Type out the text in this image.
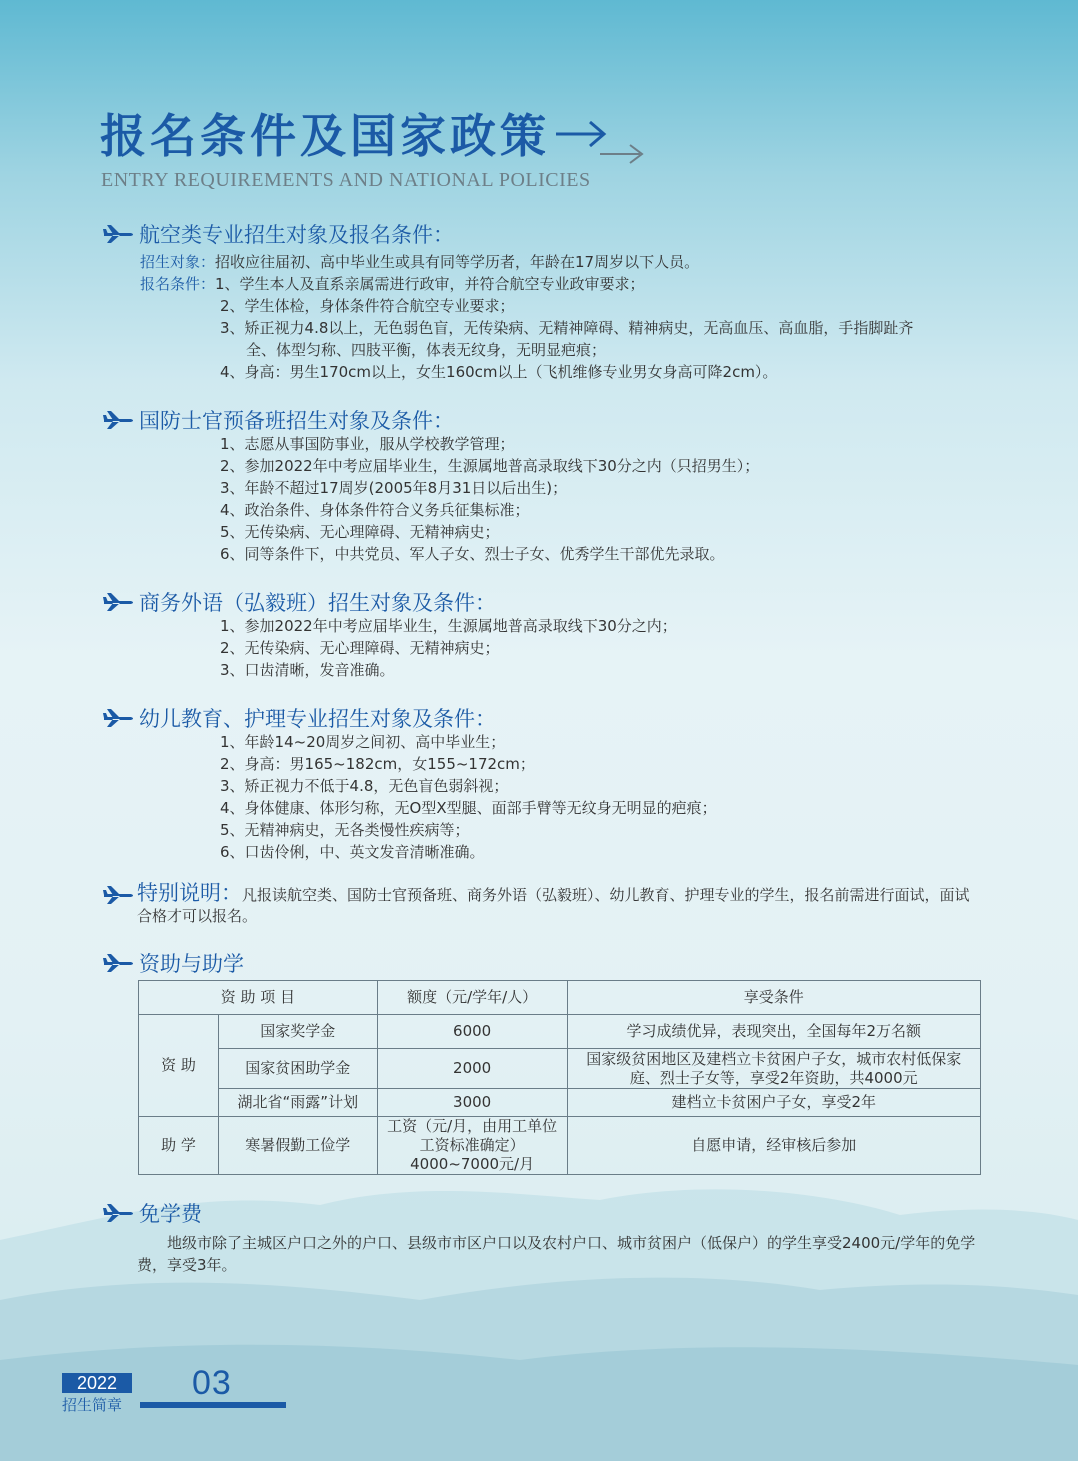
报名条件及国家政策
ENTRY REQUIREMENTS AND NATIONAL POLICIES
航空类专业招生对象及报名条件：
招生对象：招收应往届初、高中毕业生或具有同等学历者，年龄在17周岁以下人员。
报名条件：1、学生本人及直系亲属需进行政审，并符合航空专业政审要求；
2、学生体检，身体条件符合航空专业要求；
3、矫正视力4.8以上，无色弱色盲，无传染病、无精神障碍、精神病史，无高血压、高血脂，手指脚趾齐
全、体型匀称、四肢平衡，体表无纹身，无明显疤痕；
4、身高：男生170cm以上，女生160cm以上（飞机维修专业男女身高可降2cm）。
国防士官预备班招生对象及条件：
1、志愿从事国防事业，服从学校教学管理；
2、参加2022年中考应届毕业生，生源属地普高录取线下30分之内（只招男生）；
3、年龄不超过17周岁(2005年8月31日以后出生)；
4、政治条件、身体条件符合义务兵征集标准；
5、无传染病、无心理障碍、无精神病史；
6、同等条件下，中共党员、军人子女、烈士子女、优秀学生干部优先录取。
商务外语（弘毅班）招生对象及条件：
1、参加2022年中考应届毕业生，生源属地普高录取线下30分之内；
2、无传染病、无心理障碍、无精神病史；
3、口齿清晰，发音准确。
幼儿教育、护理专业招生对象及条件：
1、年龄14~20周岁之间初、高中毕业生；
2、身高：男165~182cm，女155~172cm；
3、矫正视力不低于4.8，无色盲色弱斜视；
4、身体健康、体形匀称，无O型X型腿、面部手臂等无纹身无明显的疤痕；
5、无精神病史，无各类慢性疾病等；
6、口齿伶俐，中、英文发音清晰准确。
特别说明：凡报读航空类、国防士官预备班、商务外语（弘毅班）、幼儿教育、护理专业的学生，报名前需进行面试，面试合格才可以报名。
资助与助学
资 助 项 目		额度（元/学年/人）	享受条件
资 助	国家奖学金	6000	学习成绩优异，表现突出，全国每年2万名额
	国家贫困助学金	2000	国家级贫困地区及建档立卡贫困户子女，城市农村低保家庭、烈士子女等，享受2年资助，共4000元
	湖北省“雨露”计划	3000	建档立卡贫困户子女，享受2年
助 学	寒暑假勤工俭学	工资（元/月，由用工单位工资标准确定）4000~7000元/月	自愿申请，经审核后参加
免学费
地级市除了主城区户口之外的户口、县级市市区户口以及农村户口、城市贫困户（低保户）的学生享受2400元/学年的免学费，享受3年。
2022
招生简章
03
